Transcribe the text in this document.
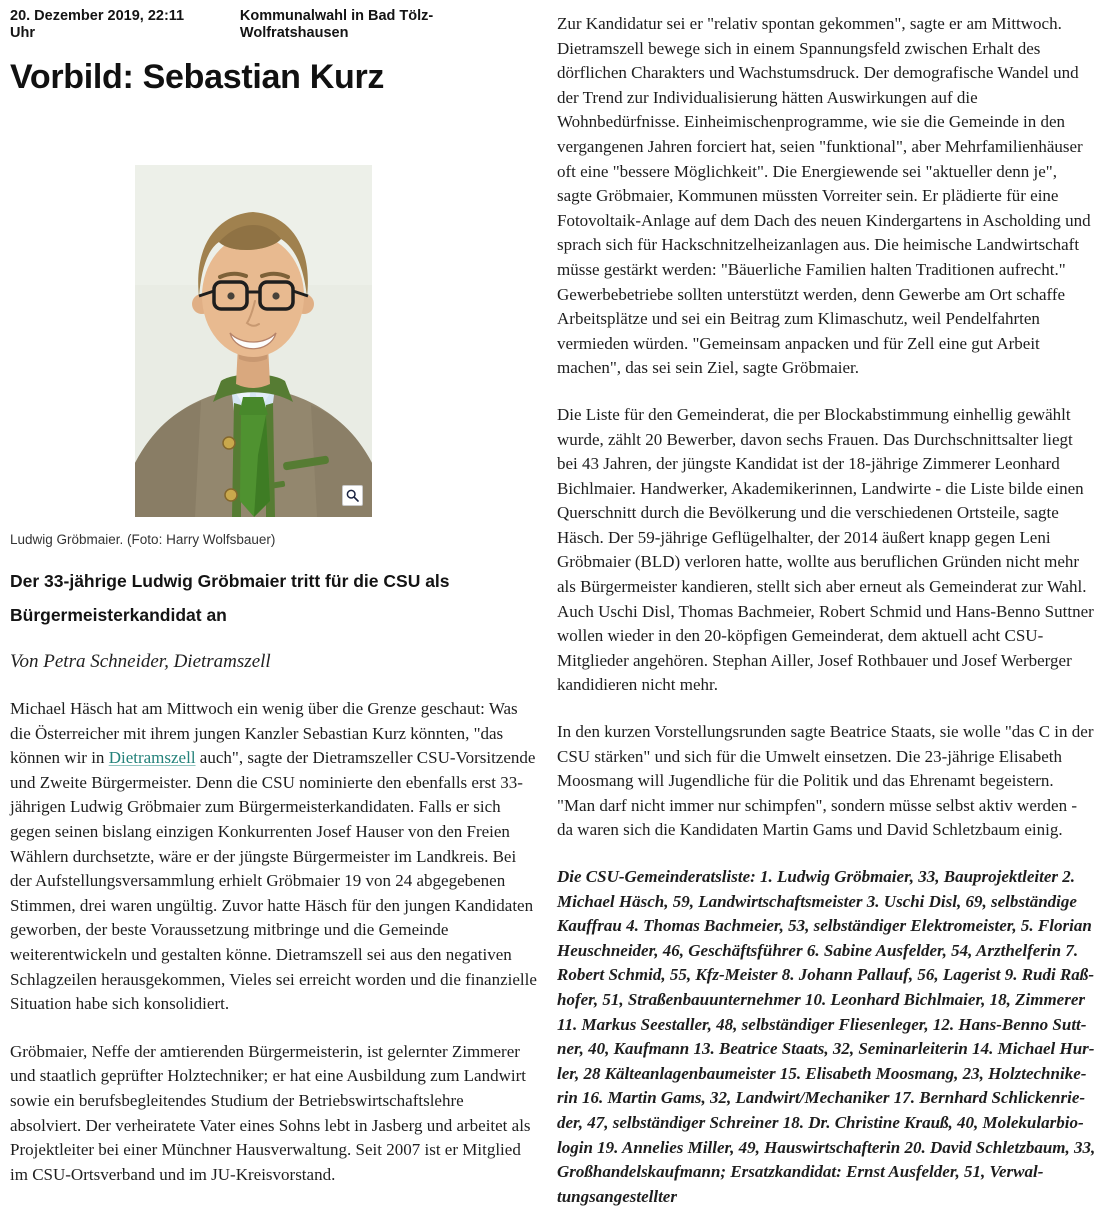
20. Dezember 2019, 22:11 Uhr
Kommunalwahl in Bad Tölz-Wolfratshausen
Vorbild: Sebastian Kurz
Ludwig Gröbmaier. (Foto: Harry Wolfsbauer)
Der 33-jährige Ludwig Gröbmaier tritt für die CSU als Bürgermeisterkandidat an

Von Petra Schneider, Dietramszell

Michael Häsch hat am Mittwoch ein wenig über die Grenze geschaut: Was die Österreicher mit ihrem jungen Kanzler Sebastian Kurz könnten, "das können wir in Dietramszell auch", sagte der Dietramszeller CSU-Vorsitzende und Zweite Bürgermeister. Denn die CSU nominierte den ebenfalls erst 33-jährigen Ludwig Gröbmaier zum Bürgermeisterkandidaten. Falls er sich gegen seinen bislang einzigen Konkurrenten Josef Hauser von den Freien Wählern durchsetzte, wäre er der jüngste Bürgermeister im Landkreis. Bei der Aufstellungsversammlung erhielt Gröbmaier 19 von 24 abgegebenen Stimmen, drei waren ungültig. Zuvor hatte Häsch für den jungen Kandidaten geworben, der beste Voraussetzung mitbringe und die Gemeinde weiterentwickeln und gestalten könne. Dietramszell sei aus den negativen Schlagzeilen herausgekommen, Vieles sei erreicht worden und die finanzielle Situation habe sich konsolidiert.

Gröbmaier, Neffe der amtierenden Bürgermeisterin, ist gelernter Zimmerer und staatlich geprüfter Holztechniker; er hat eine Ausbildung zum Landwirt sowie ein berufsbegleitendes Studium der Betriebswirtschaftslehre absolviert. Der verheiratete Vater eines Sohns lebt in Jasberg und arbeitet als Projektleiter bei einer Münchner Hausverwaltung. Seit 2007 ist er Mitglied im CSU-Ortsverband und im JU-Kreisvorstand.

Zur Kandidatur sei er "relativ spontan gekommen", sagte er am Mittwoch. Dietramszell bewege sich in einem Spannungsfeld zwischen Erhalt des dörflichen Charakters und Wachstumsdruck. Der demografische Wandel und der Trend zur Individualisierung hätten Auswirkungen auf die Wohnbedürfnisse. Einheimischenprogramme, wie sie die Gemeinde in den vergangenen Jahren forciert hat, seien "funktional", aber Mehrfamilienhäuser oft eine "bessere Möglichkeit". Die Energiewende sei "aktueller denn je", sagte Gröbmaier, Kommunen müssten Vorreiter sein. Er plädierte für eine Fotovoltaik-Anlage auf dem Dach des neuen Kindergartens in Ascholding und sprach sich für Hackschnitzelheizanlagen aus. Die heimische Landwirtschaft müsse gestärkt werden: "Bäuerliche Familien halten Traditionen aufrecht." Gewerbebetriebe sollten unterstützt werden, denn Gewerbe am Ort schaffe Arbeitsplätze und sei ein Beitrag zum Klimaschutz, weil Pendelfahrten vermieden würden. "Gemeinsam anpacken und für Zell eine gut Arbeit machen", das sei sein Ziel, sagte Gröbmaier.

Die Liste für den Gemeinderat, die per Blockabstimmung einhellig gewählt wurde, zählt 20 Bewerber, davon sechs Frauen. Das Durchschnittsalter liegt bei 43 Jahren, der jüngste Kandidat ist der 18-jährige Zimmerer Leonhard Bichlmaier. Handwerker, Akademikerinnen, Landwirte - die Liste bilde einen Querschnitt durch die Bevölkerung und die verschiedenen Ortsteile, sagte Häsch. Der 59-jährige Geflügelhalter, der 2014 äußert knapp gegen Leni Gröbmaier (BLD) verloren hatte, wollte aus beruflichen Gründen nicht mehr als Bürgermeister kandieren, stellt sich aber erneut als Gemeinderat zur Wahl. Auch Uschi Disl, Thomas Bachmeier, Robert Schmid und Hans-Benno Suttner wollen wieder in den 20-köpfigen Gemeinderat, dem aktuell acht CSU-Mitglieder angehören. Stephan Ailler, Josef Rothbauer und Josef Werberger kandidieren nicht mehr.

In den kurzen Vorstellungsrunden sagte Beatrice Staats, sie wolle "das C in der CSU stärken" und sich für die Umwelt einsetzen. Die 23-jährige Elisabeth Moosmang will Jugendliche für die Politik und das Ehrenamt begeistern. "Man darf nicht immer nur schimpfen", sondern müsse selbst aktiv werden - da waren sich die Kandidaten Martin Gams und David Schletzbaum einig.

Die CSU-Gemeinderatsliste: 1. Ludwig Gröbmaier, 33, Bauprojektleiter 2. Michael Häsch, 59, Landwirtschaftsmeister 3. Uschi Disl, 69, selbständige Kauffrau 4. Thomas Bachmeier, 53, selbständiger Elektromeister, 5. Florian Heuschneider, 46, Geschäftsführer 6. Sabine Ausfelder, 54, Arzthelferin 7. Robert Schmid, 55, Kfz-Meister 8. Johann Pallauf, 56, Lagerist 9. Rudi Raßhofer, 51, Straßenbauunternehmer 10. Leonhard Bichlmaier, 18, Zimmerer 11. Markus Seestaller, 48, selbständiger Fliesenleger, 12. Hans-Benno Suttner, 40, Kaufmann 13. Beatrice Staats, 32, Seminarleiterin 14. Michael Hurler, 28 Kälteanlagenbaumeister 15. Elisabeth Moosmang, 23, Holztechnikerin 16. Martin Gams, 32, Landwirt/Mechaniker 17. Bernhard Schlickenrieder, 47, selbständiger Schreiner 18. Dr. Christine Krauß, 40, Molekularbiologin 19. Annelies Miller, 49, Hauswirtschafterin 20. David Schletzbaum, 33, Großhandelskaufmann; Ersatzkandidat: Ernst Ausfelder, 51, Verwaltungsangestellter
